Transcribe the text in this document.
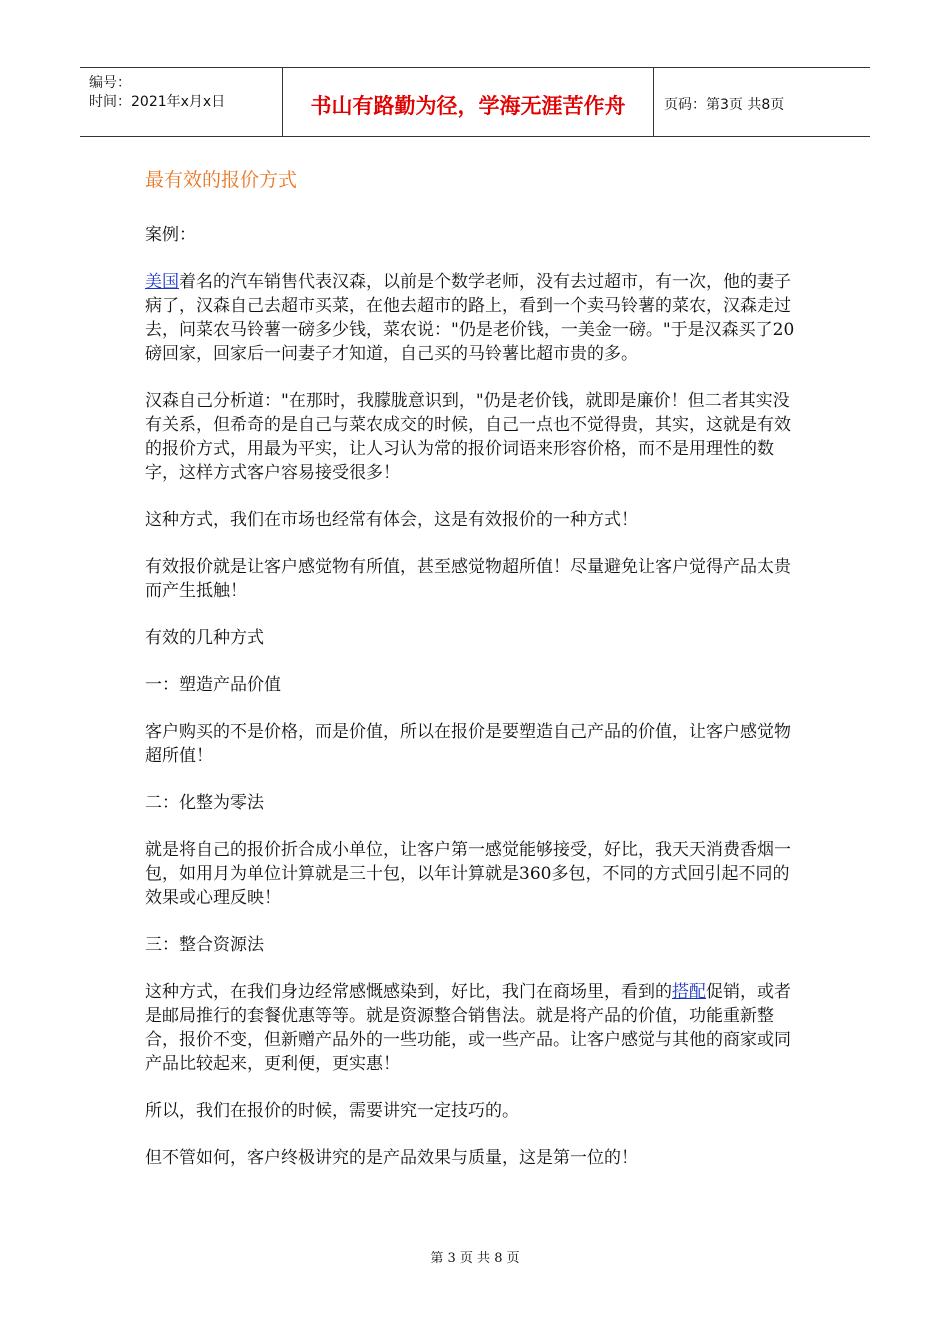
编号：
时间：2021年x月x日	书山有路勤为径，学海无涯苦作舟	页码：第3页 共8页
最有效的报价方式
案例：
美国着名的汽车销售代表汉森，以前是个数学老师，没有去过超市，有一次，他的妻子病了，汉森自己去超市买菜，在他去超市的路上，看到一个卖马铃薯的菜农，汉森走过去，问菜农马铃薯一磅多少钱，菜农说："仍是老价钱，一美金一磅。"于是汉森买了20磅回家，回家后一问妻子才知道，自己买的马铃薯比超市贵的多。
汉森自己分析道："在那时，我朦胧意识到，"仍是老价钱，就即是廉价！但二者其实没有关系，但希奇的是自己与菜农成交的时候，自己一点也不觉得贵，其实，这就是有效的报价方式，用最为平实，让人习认为常的报价词语来形容价格，而不是用理性的数字，这样方式客户容易接受很多！
这种方式，我们在市场也经常有体会，这是有效报价的一种方式！
有效报价就是让客户感觉物有所值，甚至感觉物超所值！尽量避免让客户觉得产品太贵而产生抵触！
有效的几种方式
一：塑造产品价值
客户购买的不是价格，而是价值，所以在报价是要塑造自己产品的价值，让客户感觉物超所值！
二：化整为零法
就是将自己的报价折合成小单位，让客户第一感觉能够接受，好比，我天天消费香烟一包，如用月为单位计算就是三十包，以年计算就是360多包，不同的方式回引起不同的效果或心理反映！
三：整合资源法
这种方式，在我们身边经常感慨感染到，好比，我门在商场里，看到的搭配促销，或者是邮局推行的套餐优惠等等。就是资源整合销售法。就是将产品的价值，功能重新整合，报价不变，但新赠产品外的一些功能，或一些产品。让客户感觉与其他的商家或同产品比较起来，更利便，更实惠！
所以，我们在报价的时候，需要讲究一定技巧的。
但不管如何，客户终极讲究的是产品效果与质量，这是第一位的！
第 3 页 共 8 页
